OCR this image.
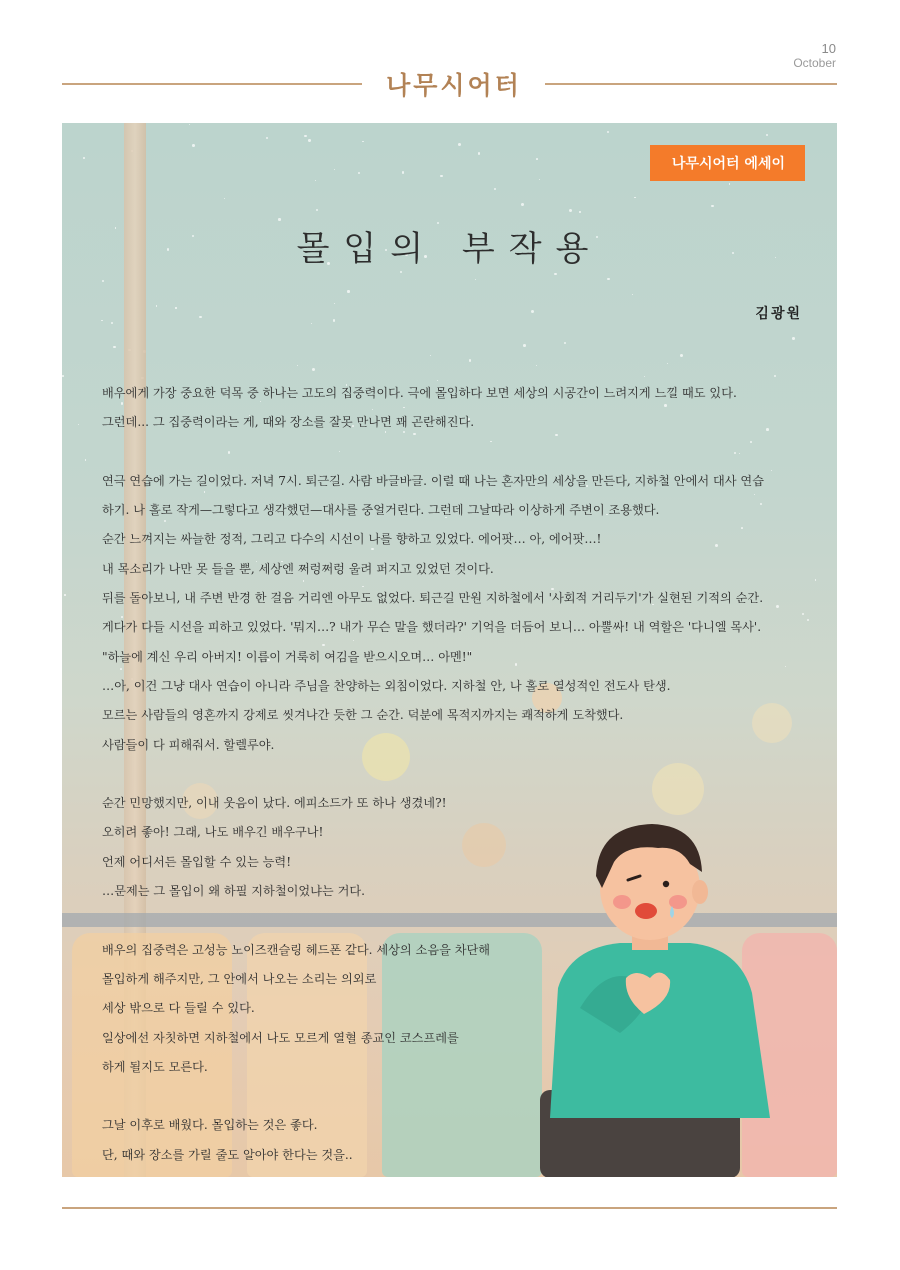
10
October
나무시어터
나무시어터 에세이
몰입의 부작용
김광원
배우에게 가장 중요한 덕목 중 하나는 고도의 집중력이다. 극에 몰입하다 보면 세상의 시공간이 느려지게 느낄 때도 있다.
그런데... 그 집중력이라는 게, 때와 장소를 잘못 만나면 꽤 곤란해진다.
연극 연습에 가는 길이었다. 저녁 7시. 퇴근길. 사람 바글바글. 이럴 때 나는 혼자만의 세상을 만든다, 지하철 안에서 대사 연습
하기. 나 홀로 작게—그렇다고 생각했던—대사를 중얼거린다. 그런데 그날따라 이상하게 주변이 조용했다.
순간 느껴지는 싸늘한 정적, 그리고 다수의 시선이 나를 향하고 있었다. 에어팟… 아, 에어팟…!
내 목소리가 나만 못 들을 뿐, 세상엔 쩌렁쩌렁 울려 퍼지고 있었던 것이다.
뒤를 돌아보니, 내 주변 반경 한 걸음 거리엔 아무도 없었다. 퇴근길 만원 지하철에서 '사회적 거리두기'가 실현된 기적의 순간.
게다가 다들 시선을 피하고 있었다. '뭐지…? 내가 무슨 말을 했더라?' 기억을 더듬어 보니… 아뿔싸! 내 역할은 '다니엘 목사'.
"하늘에 계신 우리 아버지! 이름이 거룩히 여김을 받으시오며… 아멘!"
…아, 이건 그냥 대사 연습이 아니라 주님을 찬양하는 외침이었다. 지하철 안, 나 홀로 열성적인 전도사 탄생.
모르는 사람들의 영혼까지 강제로 씻겨나간 듯한 그 순간. 덕분에 목적지까지는 쾌적하게 도착했다.
사람들이 다 피해줘서. 할렐루야.
순간 민망했지만, 이내 웃음이 났다. 에피소드가 또 하나 생겼네?!
오히려 좋아! 그래, 나도 배우긴 배우구나!
언제 어디서든 몰입할 수 있는 능력!
…문제는 그 몰입이 왜 하필 지하철이었냐는 거다.
배우의 집중력은 고성능 노이즈캔슬링 헤드폰 같다. 세상의 소음을 차단해
몰입하게 해주지만, 그 안에서 나오는 소리는 의외로
세상 밖으로 다 들릴 수 있다.
일상에선 자칫하면 지하철에서 나도 모르게 열혈 종교인 코스프레를
하게 될지도 모른다.
그날 이후로 배웠다. 몰입하는 것은 좋다.
단, 때와 장소를 가릴 줄도 알아야 한다는 것을..
